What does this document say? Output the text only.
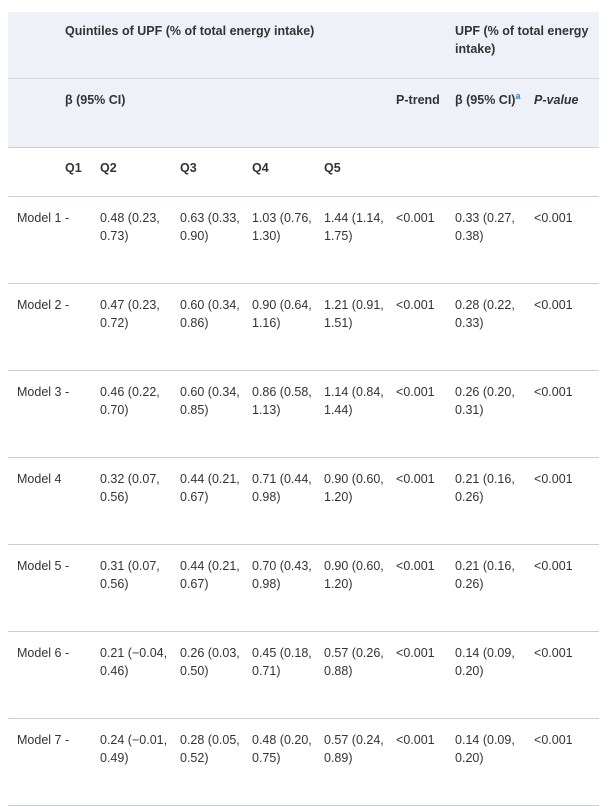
	Quintiles of UPF (% of total energy intake)						UPF (% of total energy intake)	
	β (95% CI)					P-trend	β (95% CI)$^a$	P-value
	Q1	Q2	Q3	Q4	Q5			
Model 1	-	0.48 (0.23, 0.73)	0.63 (0.33, 0.90)	1.03 (0.76, 1.30)	1.44 (1.14, 1.75)	<0.001	0.33 (0.27, 0.38)	<0.001
Model 2	-	0.47 (0.23, 0.72)	0.60 (0.34, 0.86)	0.90 (0.64, 1.16)	1.21 (0.91, 1.51)	<0.001	0.28 (0.22, 0.33)	<0.001
Model 3	-	0.46 (0.22, 0.70)	0.60 (0.34, 0.85)	0.86 (0.58, 1.13)	1.14 (0.84, 1.44)	<0.001	0.26 (0.20, 0.31)	<0.001
Model 4		0.32 (0.07, 0.56)	0.44 (0.21, 0.67)	0.71 (0.44, 0.98)	0.90 (0.60, 1.20)	<0.001	0.21 (0.16, 0.26)	<0.001
Model 5	-	0.31 (0.07, 0.56)	0.44 (0.21, 0.67)	0.70 (0.43, 0.98)	0.90 (0.60, 1.20)	<0.001	0.21 (0.16, 0.26)	<0.001
Model 6	-	0.21 (−0.04, 0.46)	0.26 (0.03, 0.50)	0.45 (0.18, 0.71)	0.57 (0.26, 0.88)	<0.001	0.14 (0.09, 0.20)	<0.001
Model 7	-	0.24 (−0.01, 0.49)	0.28 (0.05, 0.52)	0.48 (0.20, 0.75)	0.57 (0.24, 0.89)	<0.001	0.14 (0.09, 0.20)	<0.001
